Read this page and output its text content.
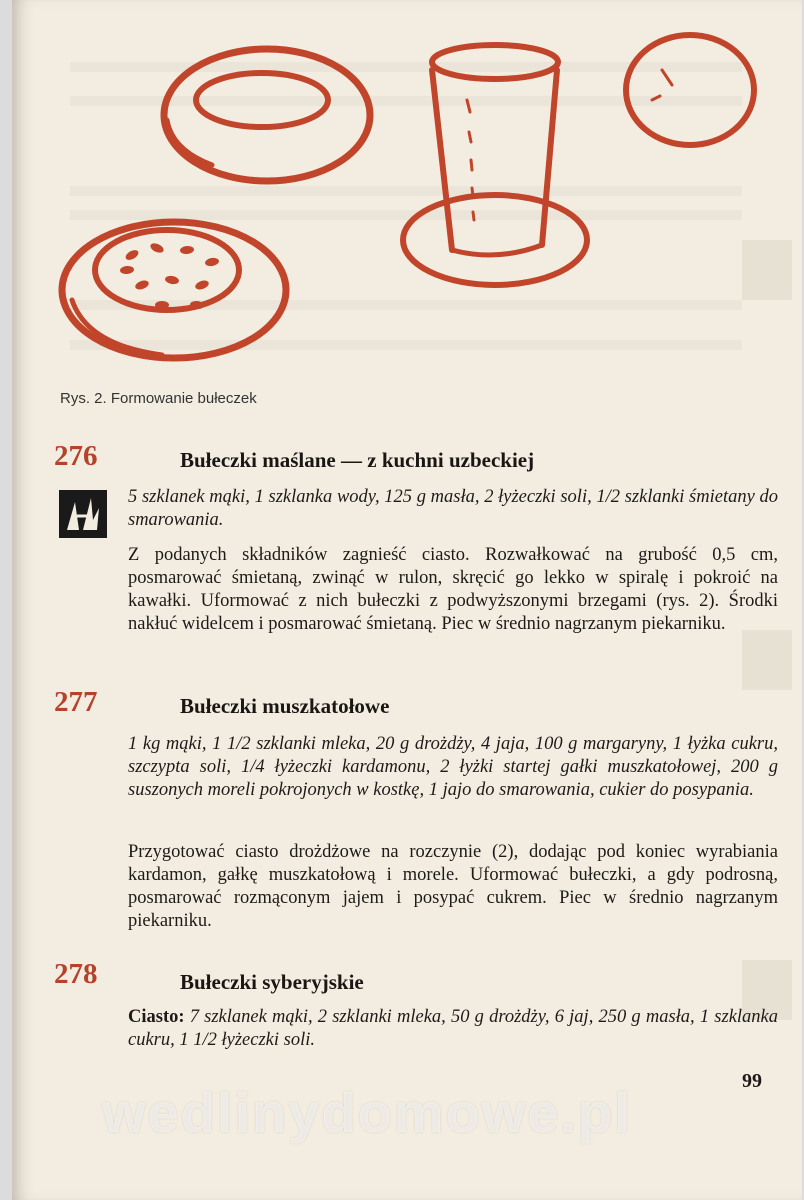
Rys. 2. Formowanie bułeczek
276	Bułeczki maślane — z kuchni uzbeckiej
5 szklanek mąki, 1 szklanka wody, 125 g masła, 2 łyżeczki soli, 1/2 szklanki śmietany do smarowania.
Z podanych składników zagnieść ciasto. Rozwałkować na grubość 0,5 cm, posmarować śmietaną, zwinąć w rulon, skręcić go lekko w spiralę i pokroić na kawałki. Uformować z nich bułeczki z podwyższonymi brzegami (rys. 2). Środki nakłuć widelcem i posmarować śmietaną. Piec w średnio nagrzanym piekarniku.
277	Bułeczki muszkatołowe
1 kg mąki, 1 1/2 szklanki mleka, 20 g drożdży, 4 jaja, 100 g margaryny, 1 łyżka cukru, szczypta soli, 1/4 łyżeczki kardamonu, 2 łyżki startej gałki muszkatołowej, 200 g suszonych moreli pokrojonych w kostkę, 1 jajo do smarowania, cukier do posypania.
Przygotować ciasto drożdżowe na rozczynie (2), dodając pod koniec wyrabiania kardamon, gałkę muszkatołową i morele. Uformować bułeczki, a gdy podrosną, posmarować rozmąconym jajem i posypać cukrem. Piec w średnio nagrzanym piekarniku.
278	Bułeczki syberyjskie
Ciasto: 7 szklanek mąki, 2 szklanki mleka, 50 g drożdży, 6 jaj, 250 g masła, 1 szklanka cukru, 1 1/2 łyżeczki soli.
99
wedlinydomowe.pl
